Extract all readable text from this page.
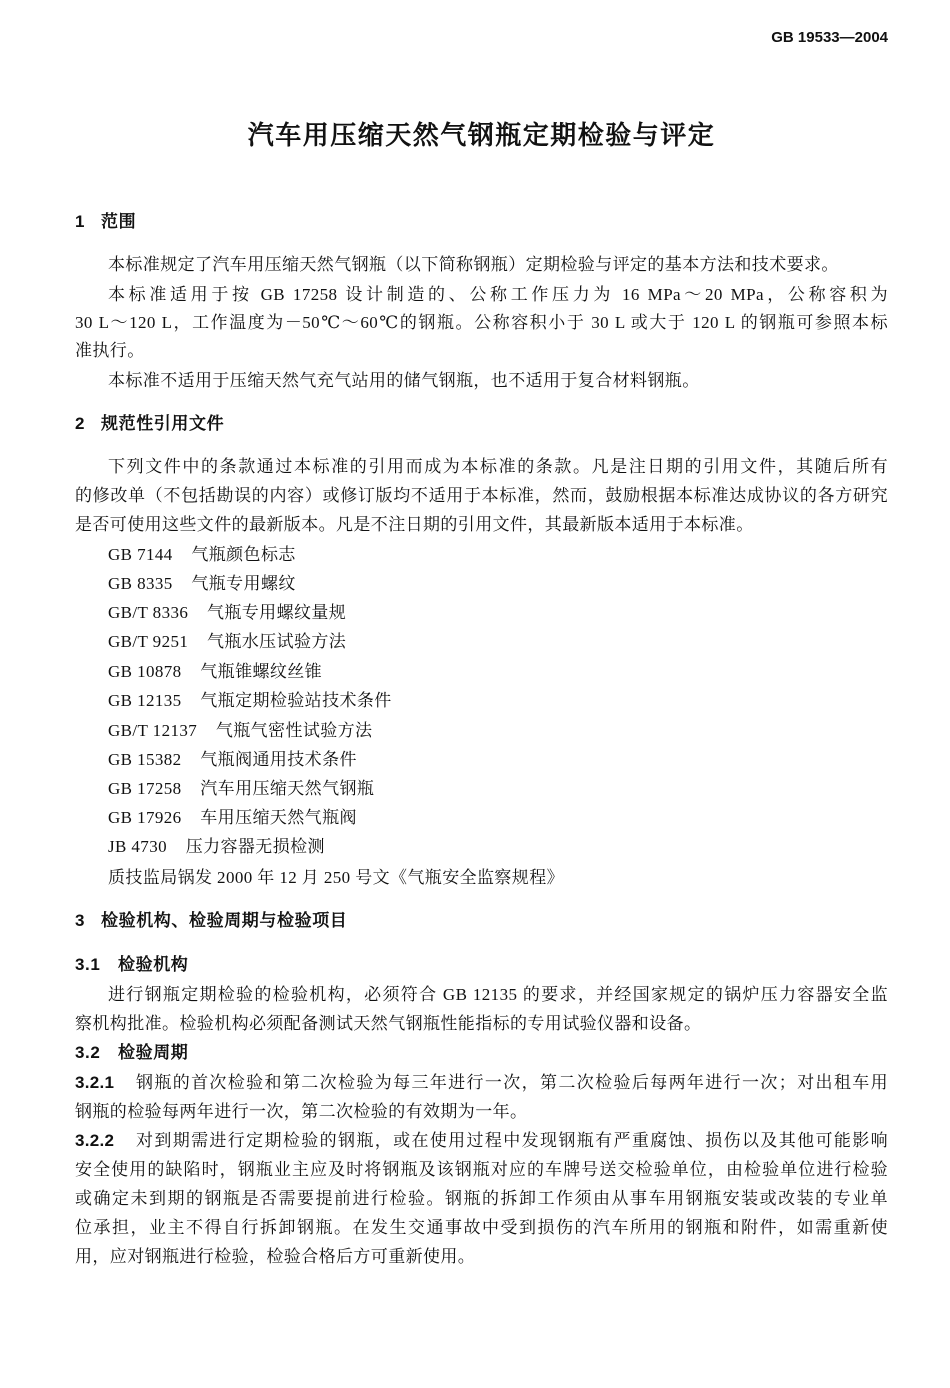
GB 19533—2004
汽车用压缩天然气钢瓶定期检验与评定
1 范围
本标准规定了汽车用压缩天然气钢瓶（以下简称钢瓶）定期检验与评定的基本方法和技术要求。
本标准适用于按 GB 17258 设计制造的、公称工作压力为 16 MPa～20 MPa，公称容积为
30 L～120 L，工作温度为－50℃～60℃的钢瓶。公称容积小于 30 L 或大于 120 L 的钢瓶可参照本标
准执行。
本标准不适用于压缩天然气充气站用的储气钢瓶，也不适用于复合材料钢瓶。
2 规范性引用文件
下列文件中的条款通过本标准的引用而成为本标准的条款。凡是注日期的引用文件，其随后所有
的修改单（不包括勘误的内容）或修订版均不适用于本标准，然而，鼓励根据本标准达成协议的各方研究
是否可使用这些文件的最新版本。凡是不注日期的引用文件，其最新版本适用于本标准。
GB 7144 气瓶颜色标志
GB 8335 气瓶专用螺纹
GB/T 8336 气瓶专用螺纹量规
GB/T 9251 气瓶水压试验方法
GB 10878 气瓶锥螺纹丝锥
GB 12135 气瓶定期检验站技术条件
GB/T 12137 气瓶气密性试验方法
GB 15382 气瓶阀通用技术条件
GB 17258 汽车用压缩天然气钢瓶
GB 17926 车用压缩天然气瓶阀
JB 4730 压力容器无损检测
质技监局锅发 2000 年 12 月 250 号文《气瓶安全监察规程》
3 检验机构、检验周期与检验项目
3.1 检验机构
进行钢瓶定期检验的检验机构，必须符合 GB 12135 的要求，并经国家规定的锅炉压力容器安全监
察机构批准。检验机构必须配备测试天然气钢瓶性能指标的专用试验仪器和设备。
3.2 检验周期
3.2.1 钢瓶的首次检验和第二次检验为每三年进行一次，第二次检验后每两年进行一次；对出租车用
钢瓶的检验每两年进行一次，第二次检验的有效期为一年。
3.2.2 对到期需进行定期检验的钢瓶，或在使用过程中发现钢瓶有严重腐蚀、损伤以及其他可能影响
安全使用的缺陷时，钢瓶业主应及时将钢瓶及该钢瓶对应的车牌号送交检验单位，由检验单位进行检验
或确定未到期的钢瓶是否需要提前进行检验。钢瓶的拆卸工作须由从事车用钢瓶安装或改装的专业单
位承担，业主不得自行拆卸钢瓶。在发生交通事故中受到损伤的汽车所用的钢瓶和附件，如需重新使
用，应对钢瓶进行检验，检验合格后方可重新使用。
